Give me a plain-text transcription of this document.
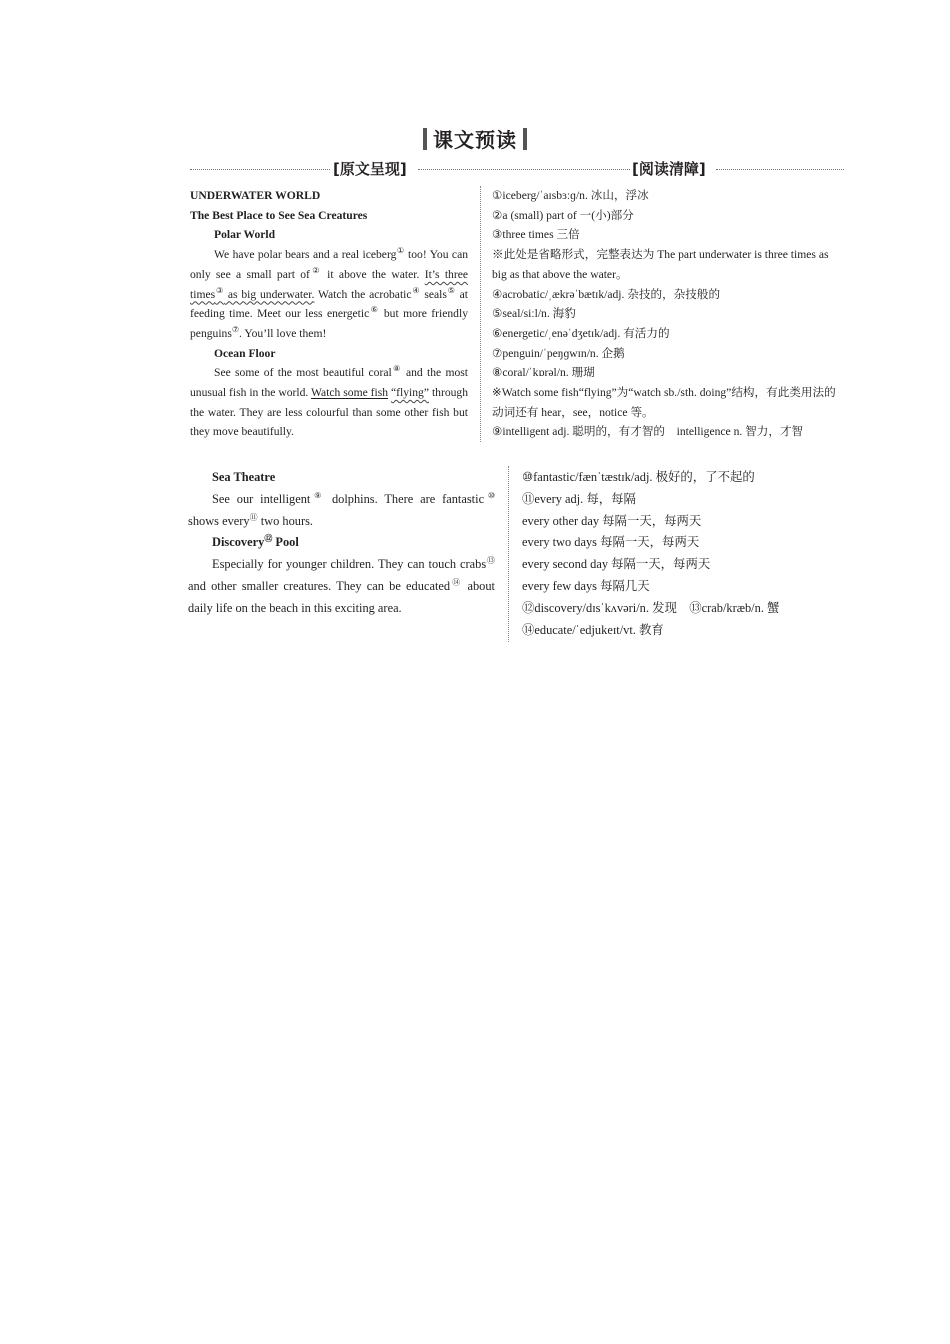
课文预读
[原文呈现]	[阅读清障]

UNDERWATER WORLD

The Best Place to See Sea Creatures

Polar World

We have polar bears and a real iceberg① too! You can only see a small part of② it above the water. It’s three times③ as big underwater. Watch the acrobatic④ seals⑤ at feeding time. Meet our less energetic⑥ but more friendly penguins⑦. You’ll love them!

Ocean Floor

See some of the most beautiful coral⑧ and the most unusual fish in the world. Watch some fish “flying” through the water. They are less colourful than some other fish but they move beautifully.

①iceberg/ˈaɪsbɜːɡ/n. 冰山，浮冰

②a (small) part of 一(小)部分

③three times 三倍

※此处是省略形式，完整表达为 The part underwater is three times as big as that above the water。

④acrobatic/ˌækrəˈbætɪk/adj. 杂技的，杂技般的

⑤seal/siːl/n. 海豹

⑥energetic/ˌenəˈdʒetɪk/adj. 有活力的

⑦penguin/ˈpeŋɡwɪn/n. 企鹅

⑧coral/ˈkɒrəl/n. 珊瑚

※Watch some fish“flying”为“watch sb./sth. doing”结构，有此类用法的动词还有 hear，see，notice 等。

⑨intelligent adj. 聪明的，有才智的　intelligence n. 智力，才智

Sea Theatre

See our intelligent⑨ dolphins. There are fantastic⑩ shows every⑪ two hours.

Discovery⑫ Pool

Especially for younger children. They can touch crabs⑬ and other smaller creatures. They can be educated⑭ about daily life on the beach in this exciting area.

⑩fantastic/fænˈtæstɪk/adj. 极好的，了不起的

⑪every adj. 每，每隔

every other day 每隔一天，每两天

every two days 每隔一天，每两天

every second day 每隔一天，每两天

every few days 每隔几天

⑫discovery/dɪsˈkʌvəri/n. 发现　⑬crab/kræb/n. 蟹

⑭educate/ˈedjukeɪt/vt. 教育
